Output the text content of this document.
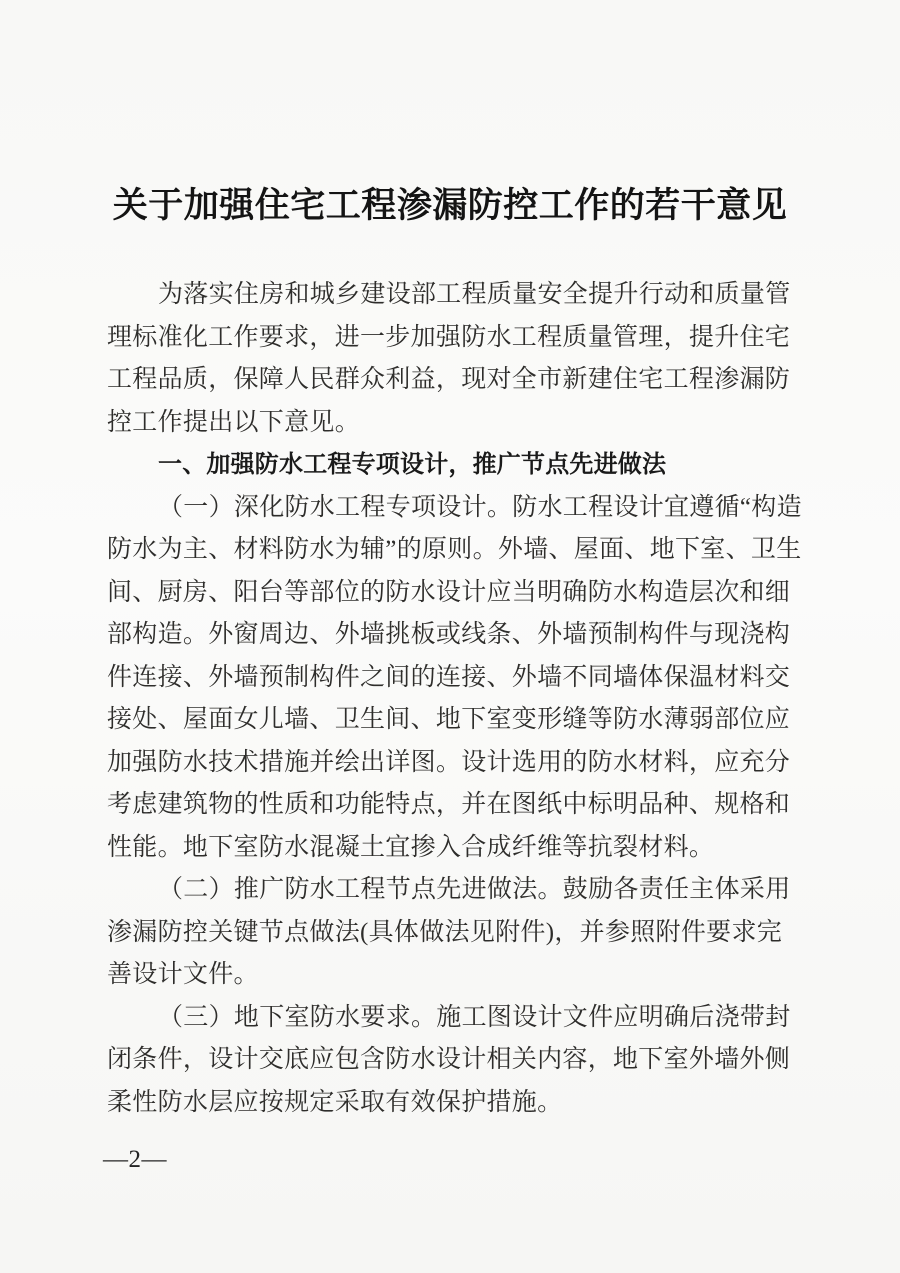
关于加强住宅工程渗漏防控工作的若干意见
为落实住房和城乡建设部工程质量安全提升行动和质量管
理标准化工作要求，进一步加强防水工程质量管理，提升住宅
工程品质，保障人民群众利益，现对全市新建住宅工程渗漏防
控工作提出以下意见。
一、加强防水工程专项设计，推广节点先进做法
（一）深化防水工程专项设计。防水工程设计宜遵循“构造
防水为主、材料防水为辅”的原则。外墙、屋面、地下室、卫生
间、厨房、阳台等部位的防水设计应当明确防水构造层次和细
部构造。外窗周边、外墙挑板或线条、外墙预制构件与现浇构
件连接、外墙预制构件之间的连接、外墙不同墙体保温材料交
接处、屋面女儿墙、卫生间、地下室变形缝等防水薄弱部位应
加强防水技术措施并绘出详图。设计选用的防水材料，应充分
考虑建筑物的性质和功能特点，并在图纸中标明品种、规格和
性能。地下室防水混凝土宜掺入合成纤维等抗裂材料。
（二）推广防水工程节点先进做法。鼓励各责任主体采用
渗漏防控关键节点做法(具体做法见附件)，并参照附件要求完
善设计文件。
（三）地下室防水要求。施工图设计文件应明确后浇带封
闭条件，设计交底应包含防水设计相关内容，地下室外墙外侧
柔性防水层应按规定采取有效保护措施。
—2—
